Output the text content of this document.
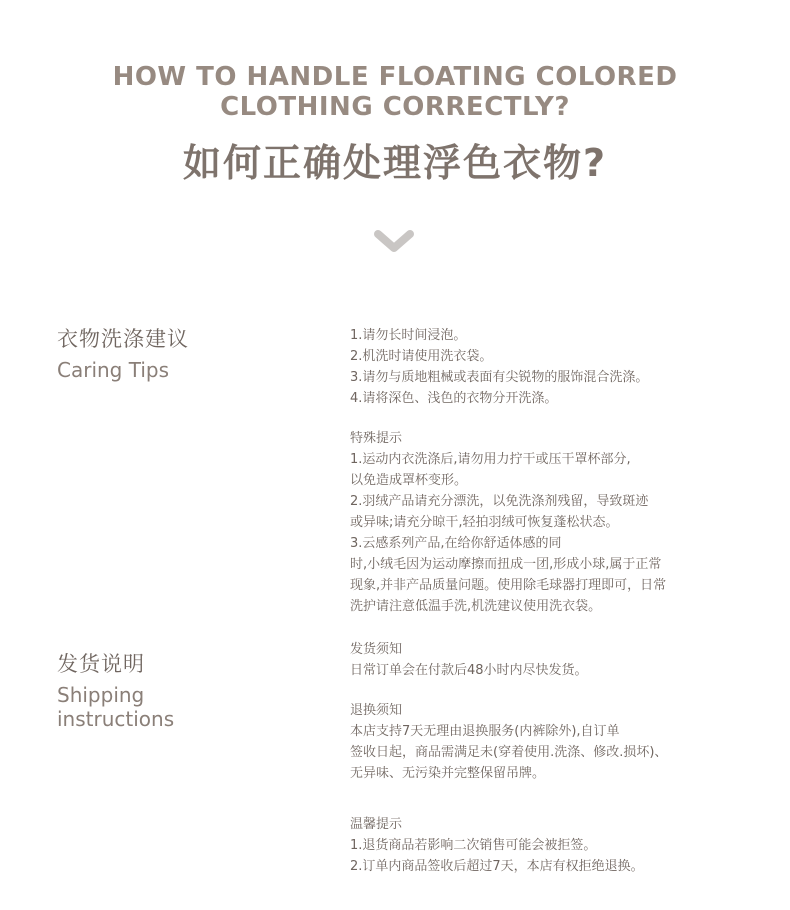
HOW TO HANDLE FLOATING COLORED
CLOTHING CORRECTLY?
如何正确处理浮色衣物?
衣物洗涤建议
Caring Tips

1.请勿长时间浸泡。

2.机洗时请使用洗衣袋。

3.请勿与质地粗械或表面有尖锐物的服饰混合洗涤。

4.请将深色、浅色的衣物分开洗涤。

特殊提示

1.运动内衣洗涤后,请勿用力拧干或压干罩杯部分,

以免造成罩杯变形。

2.羽绒产品请充分漂洗，以免洗涤剂残留，导致斑迹

或异味;请充分晾干,轻拍羽绒可恢复蓬松状态。

3.云感系列产品,在给你舒适体感的同

时,小绒毛因为运动摩擦而扭成一团,形成小球,属于正常

现象,并非产品质量问题。使用除毛球器打理即可，日常

洗护请注意低温手洗,机洗建议使用洗衣袋。

发货说明
Shipping
instructions

发货须知

日常订单会在付款后48小时内尽快发货。

退换须知

本店支持7天无理由退换服务(内裤除外),自订单

签收日起，商品需满足未(穿着使用.洗涤、修改.损坏)、

无异味、无污染并完整保留吊牌。

温馨提示

1.退货商品若影响二次销售可能会被拒签。

2.订单内商品签收后超过7天，本店有权拒绝退换。
